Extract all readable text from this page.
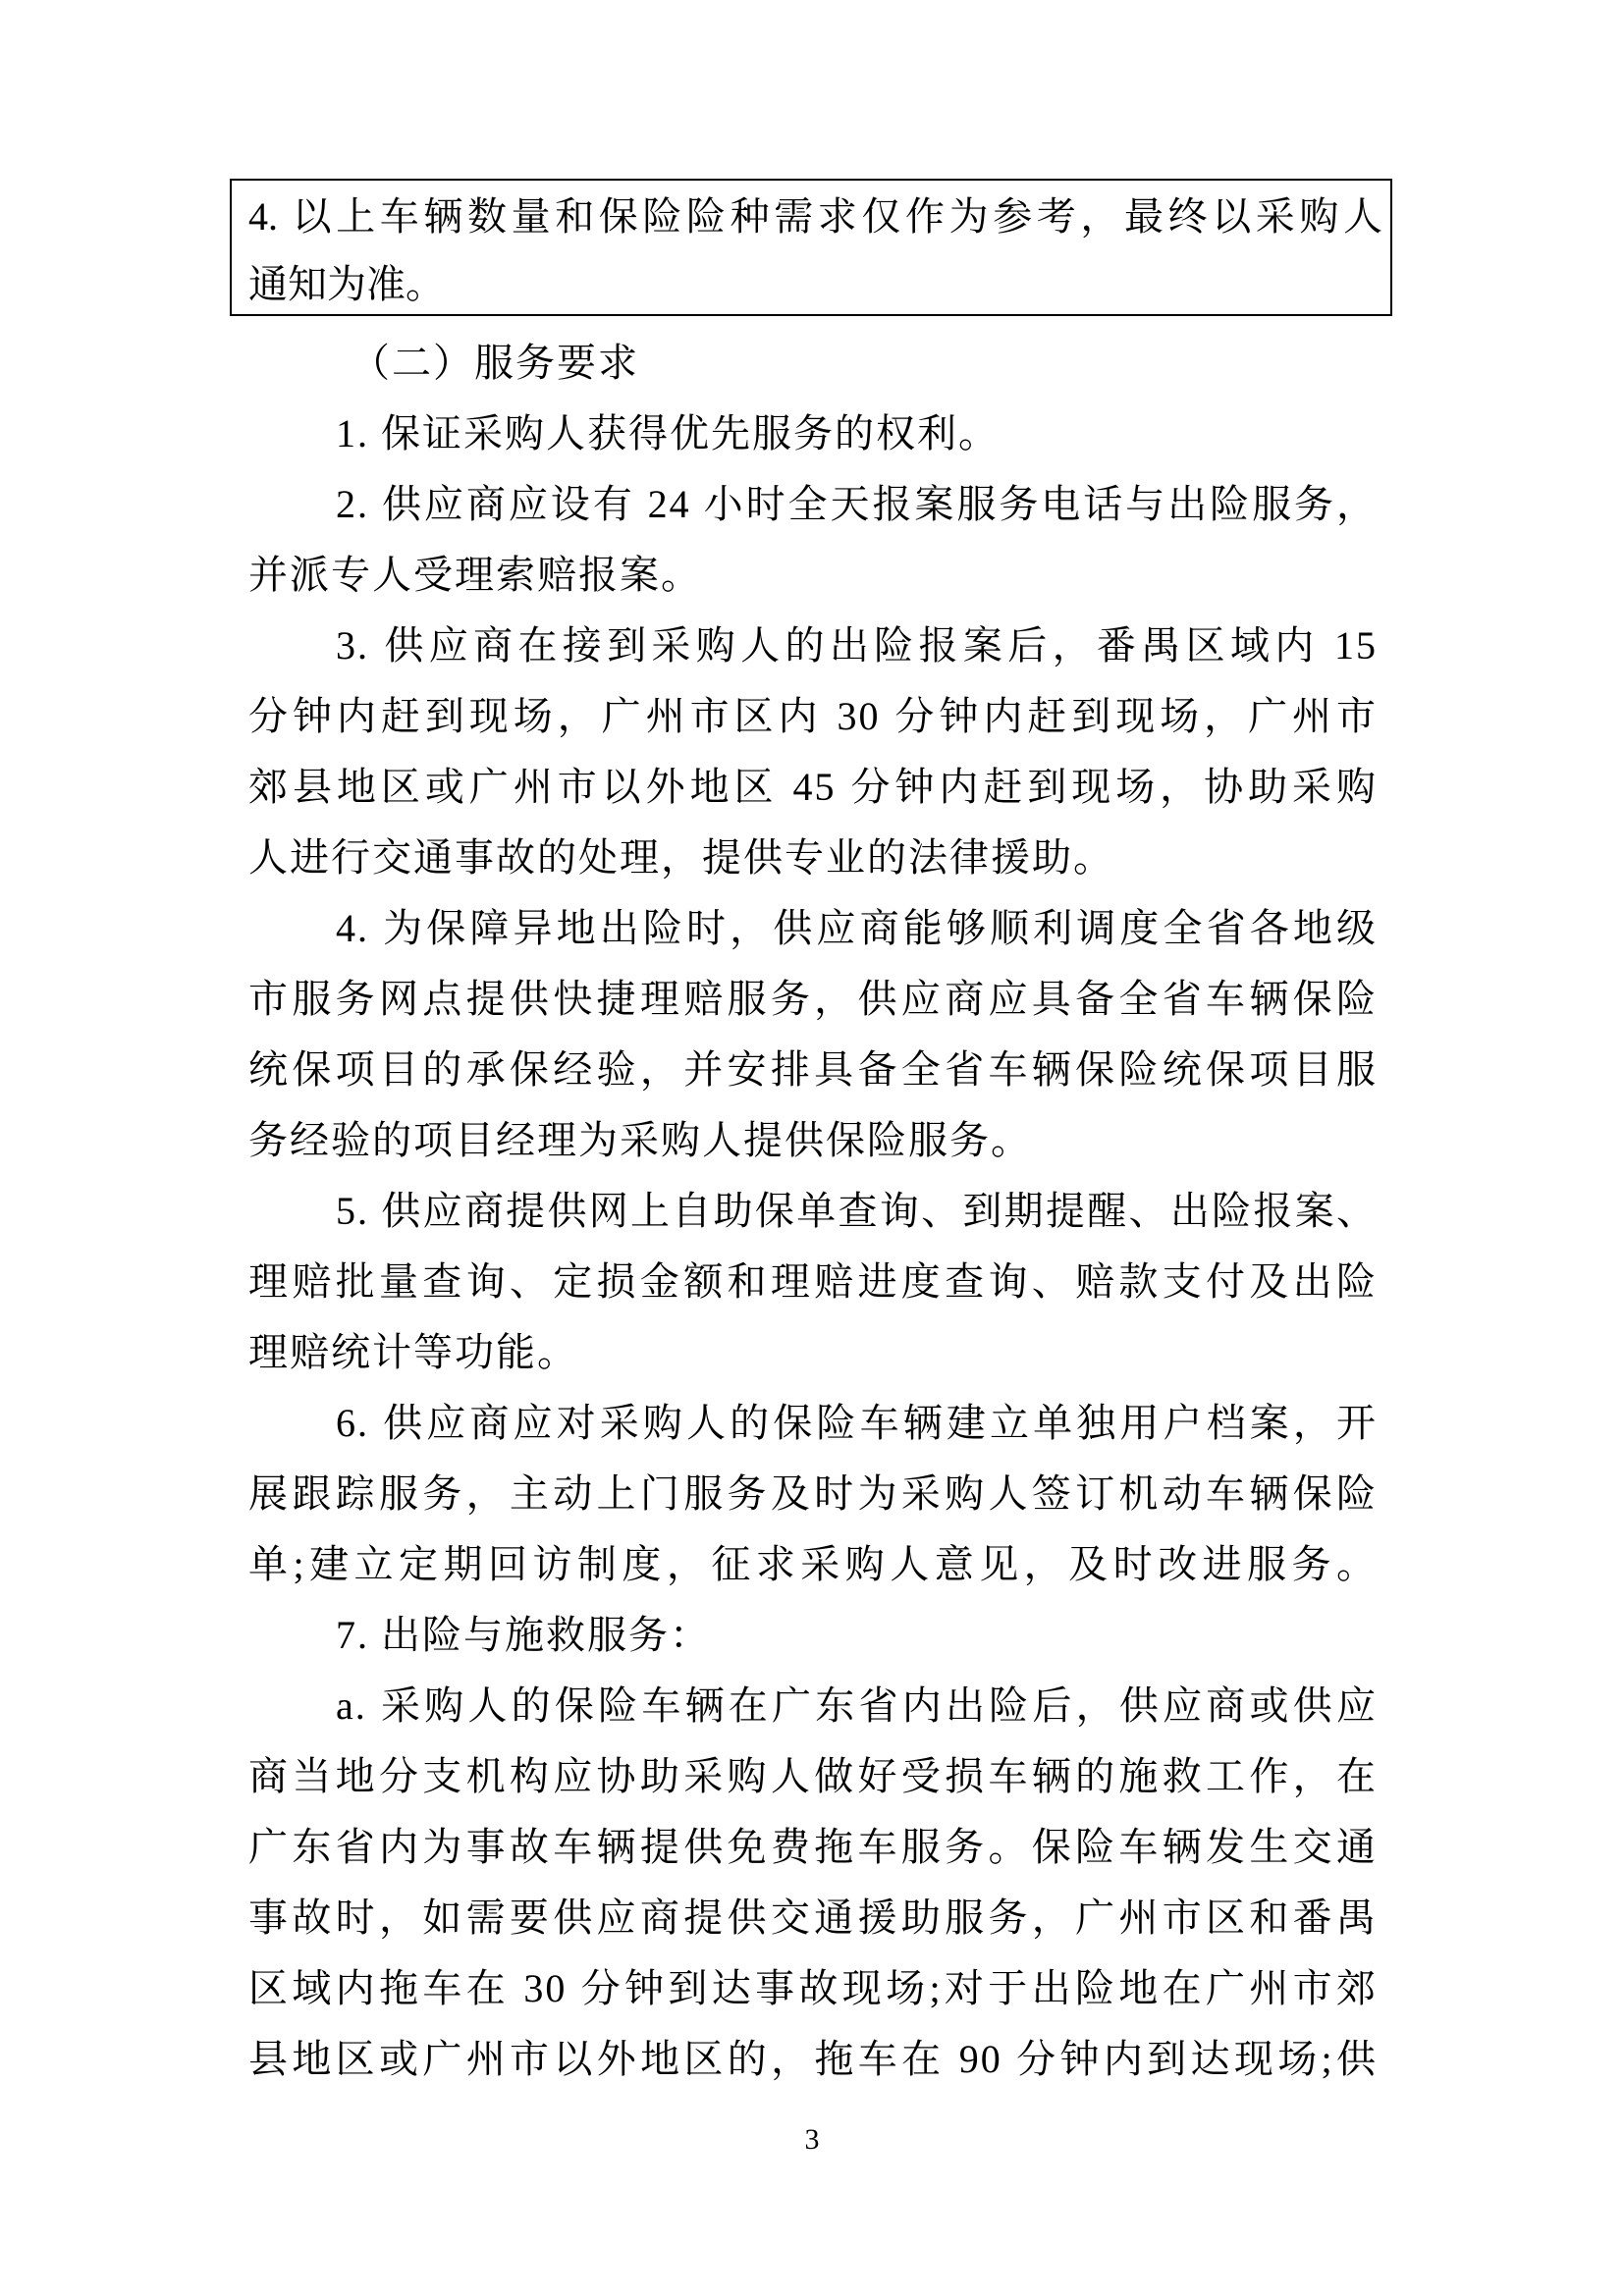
4. 以上车辆数量和保险险种需求仅作为参考，最终以采购人
通知为准。
（二）服务要求
1. 保证采购人获得优先服务的权利。
2. 供应商应设有 24 小时全天报案服务电话与出险服务，
并派专人受理索赔报案。
3. 供应商在接到采购人的出险报案后，番禺区域内 15
分钟内赶到现场，广州市区内 30 分钟内赶到现场，广州市
郊县地区或广州市以外地区 45 分钟内赶到现场，协助采购
人进行交通事故的处理，提供专业的法律援助。
4. 为保障异地出险时，供应商能够顺利调度全省各地级
市服务网点提供快捷理赔服务，供应商应具备全省车辆保险
统保项目的承保经验，并安排具备全省车辆保险统保项目服
务经验的项目经理为采购人提供保险服务。
5. 供应商提供网上自助保单查询、到期提醒、出险报案、
理赔批量查询、定损金额和理赔进度查询、赔款支付及出险
理赔统计等功能。
6. 供应商应对采购人的保险车辆建立单独用户档案，开
展跟踪服务，主动上门服务及时为采购人签订机动车辆保险
单;建立定期回访制度，征求采购人意见，及时改进服务。
7. 出险与施救服务：
a. 采购人的保险车辆在广东省内出险后，供应商或供应
商当地分支机构应协助采购人做好受损车辆的施救工作，在
广东省内为事故车辆提供免费拖车服务。保险车辆发生交通
事故时，如需要供应商提供交通援助服务，广州市区和番禺
区域内拖车在 30 分钟到达事故现场;对于出险地在广州市郊
县地区或广州市以外地区的，拖车在 90 分钟内到达现场;供
3
